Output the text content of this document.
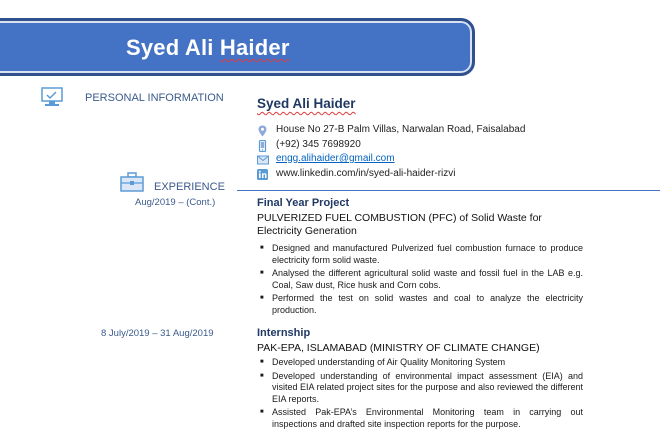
Syed Ali Haider
PERSONAL INFORMATION
EXPERIENCE
Aug/2019 – (Cont.)
8 July/2019 – 31 Aug/2019
Syed Ali Haider
House No 27-B Palm Villas, Narwalan Road, Faisalabad
(+92) 345 7698920
engg.alihaider@gmail.com
www.linkedin.com/in/syed-ali-haider-rizvi
Final Year Project
PULVERIZED FUEL COMBUSTION (PFC) of Solid Waste for Electricity Generation
■ Designed and manufactured Pulverized fuel combustion furnace to produce electricity form solid waste.
■ Analysed the different agricultural solid waste and fossil fuel in the LAB e.g. Coal, Saw dust, Rice husk and Corn cobs.
■ Performed the test on solid wastes and coal to analyze the electricity production.
Internship
PAK-EPA, ISLAMABAD (MINISTRY OF CLIMATE CHANGE)
■ Developed understanding of Air Quality Monitoring System
■ Developed understanding of environmental impact assessment (EIA) and visited EIA related project sites for the purpose and also reviewed the different EIA reports.
■ Assisted Pak-EPA’s Environmental Monitoring team in carrying out inspections and drafted site inspection reports for the purpose.
